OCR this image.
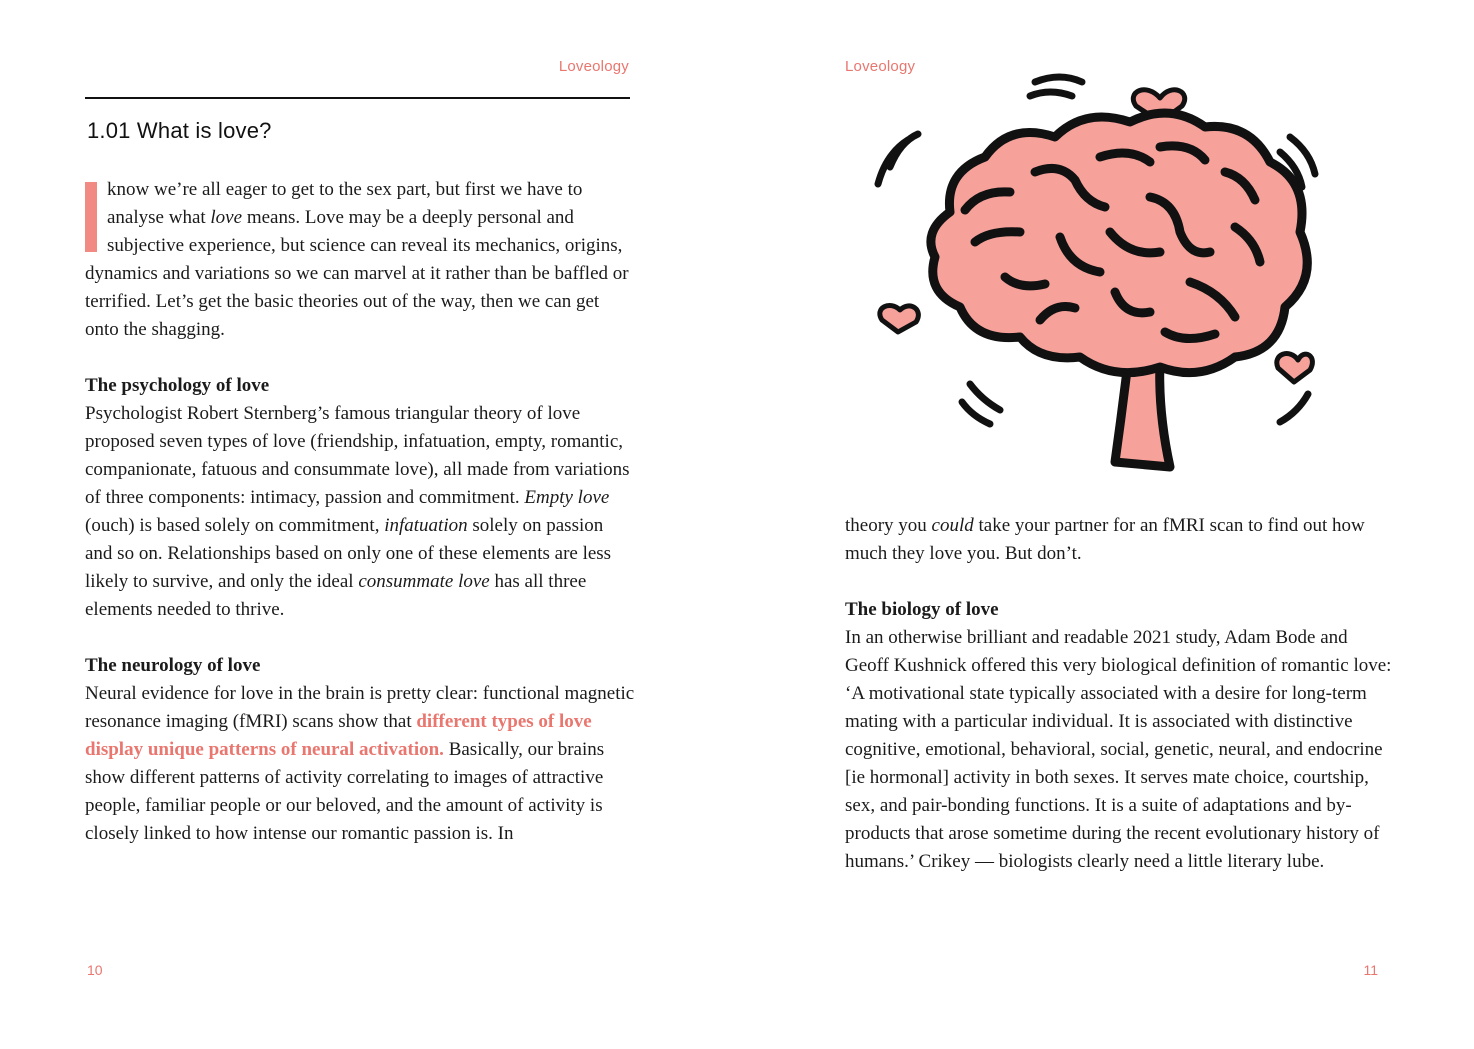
Loveology
1.01 What is love?
know we’re all eager to get to the sex part, but first we have to analyse what love means. Love may be a deeply personal and subjective experience, but science can reveal its mechanics, origins, dynamics and variations so we can marvel at it rather than be baffled or terrified. Let’s get the basic theories out of the way, then we can get onto the shagging.

The psychology of love

Psychologist Robert Sternberg’s famous triangular theory of love proposed seven types of love (friendship, infatuation, empty, romantic, companionate, fatuous and consummate love), all made from variations of three components: intimacy, passion and commitment. Empty love (ouch) is based solely on commitment, infatuation solely on passion and so on. Relationships based on only one of these elements are less likely to survive, and only the ideal consummate love has all three elements needed to thrive.

The neurology of love

Neural evidence for love in the brain is pretty clear: functional magnetic resonance imaging (fMRI) scans show that different types of love display unique patterns of neural activation. Basically, our brains show different patterns of activity correlating to images of attractive people, familiar people or our beloved, and the amount of activity is closely linked to how intense our romantic passion is. In

10
Loveology

theory you could take your partner for an fMRI scan to find out how much they love you. But don’t.

The biology of love

In an otherwise brilliant and readable 2021 study, Adam Bode and Geoff Kushnick offered this very biological definition of romantic love: ‘A motivational state typically associated with a desire for long-term mating with a particular individual. It is associated with distinctive cognitive, emotional, behavioral, social, genetic, neural, and endocrine [ie hormonal] activity in both sexes. It serves mate choice, courtship, sex, and pair-bonding functions. It is a suite of adaptations and by-products that arose sometime during the recent evolutionary history of humans.’ Crikey — biologists clearly need a little literary lube.

11
